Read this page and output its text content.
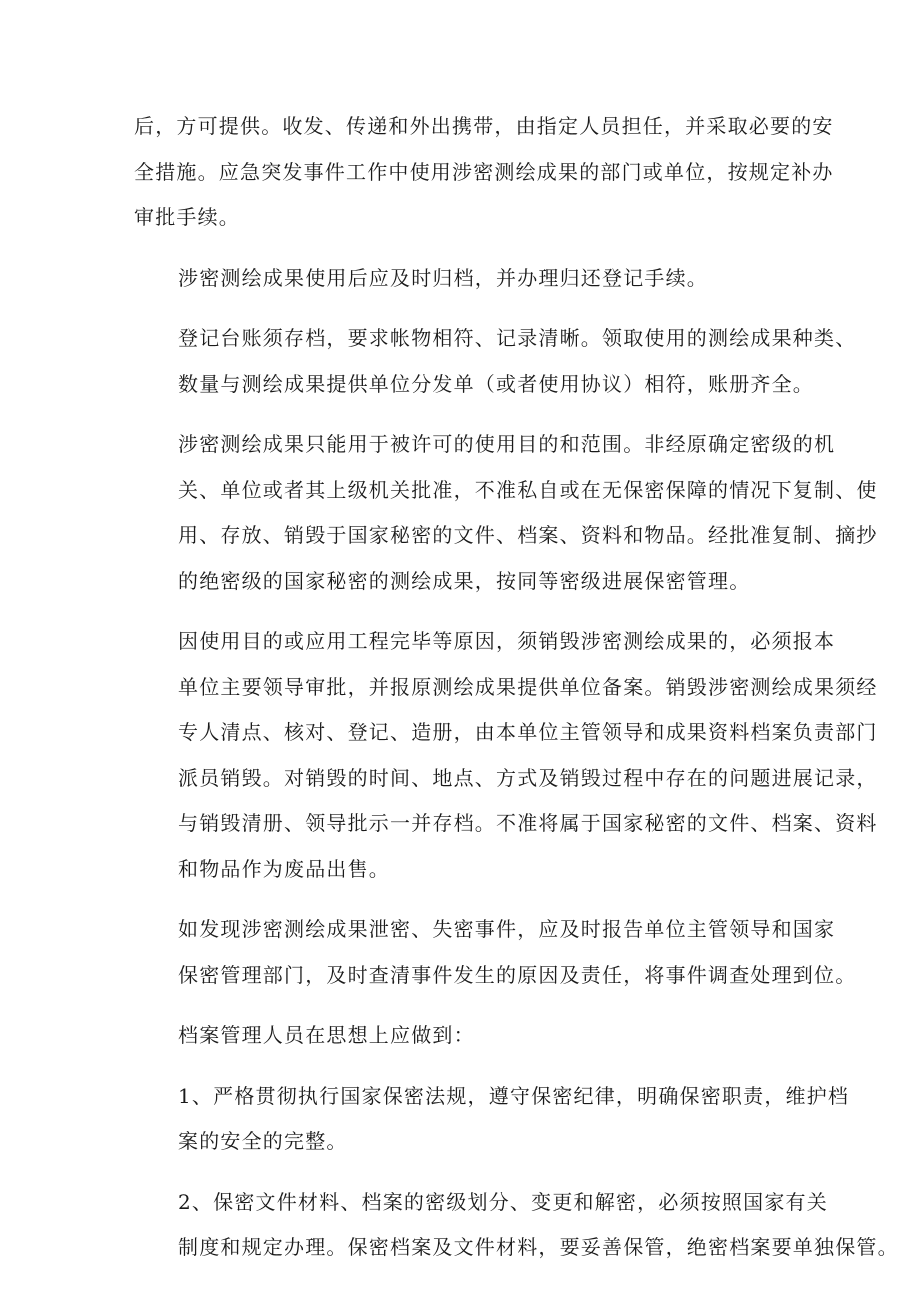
后，方可提供。收发、传递和外出携带，由指定人员担任，并采取必要的安
全措施。应急突发事件工作中使用涉密测绘成果的部门或单位，按规定补办
审批手续。

涉密测绘成果使用后应及时归档，并办理归还登记手续。

登记台账须存档，要求帐物相符、记录清晰。领取使用的测绘成果种类、
数量与测绘成果提供单位分发单（或者使用协议）相符，账册齐全。

涉密测绘成果只能用于被许可的使用目的和范围。非经原确定密级的机
关、单位或者其上级机关批准，不准私自或在无保密保障的情况下复制、使
用、存放、销毁于国家秘密的文件、档案、资料和物品。经批准复制、摘抄
的绝密级的国家秘密的测绘成果，按同等密级进展保密管理。

因使用目的或应用工程完毕等原因，须销毁涉密测绘成果的，必须报本
单位主要领导审批，并报原测绘成果提供单位备案。销毁涉密测绘成果须经
专人清点、核对、登记、造册，由本单位主管领导和成果资料档案负责部门
派员销毁。对销毁的时间、地点、方式及销毁过程中存在的问题进展记录，
与销毁清册、领导批示一并存档。不准将属于国家秘密的文件、档案、资料
和物品作为废品出售。

如发现涉密测绘成果泄密、失密事件，应及时报告单位主管领导和国家
保密管理部门，及时查清事件发生的原因及责任，将事件调查处理到位。

档案管理人员在思想上应做到：

1、严格贯彻执行国家保密法规，遵守保密纪律，明确保密职责，维护档
案的安全的完整。

2、保密文件材料、档案的密级划分、变更和解密，必须按照国家有关
制度和规定办理。保密档案及文件材料，要妥善保管，绝密档案要单独保管。
